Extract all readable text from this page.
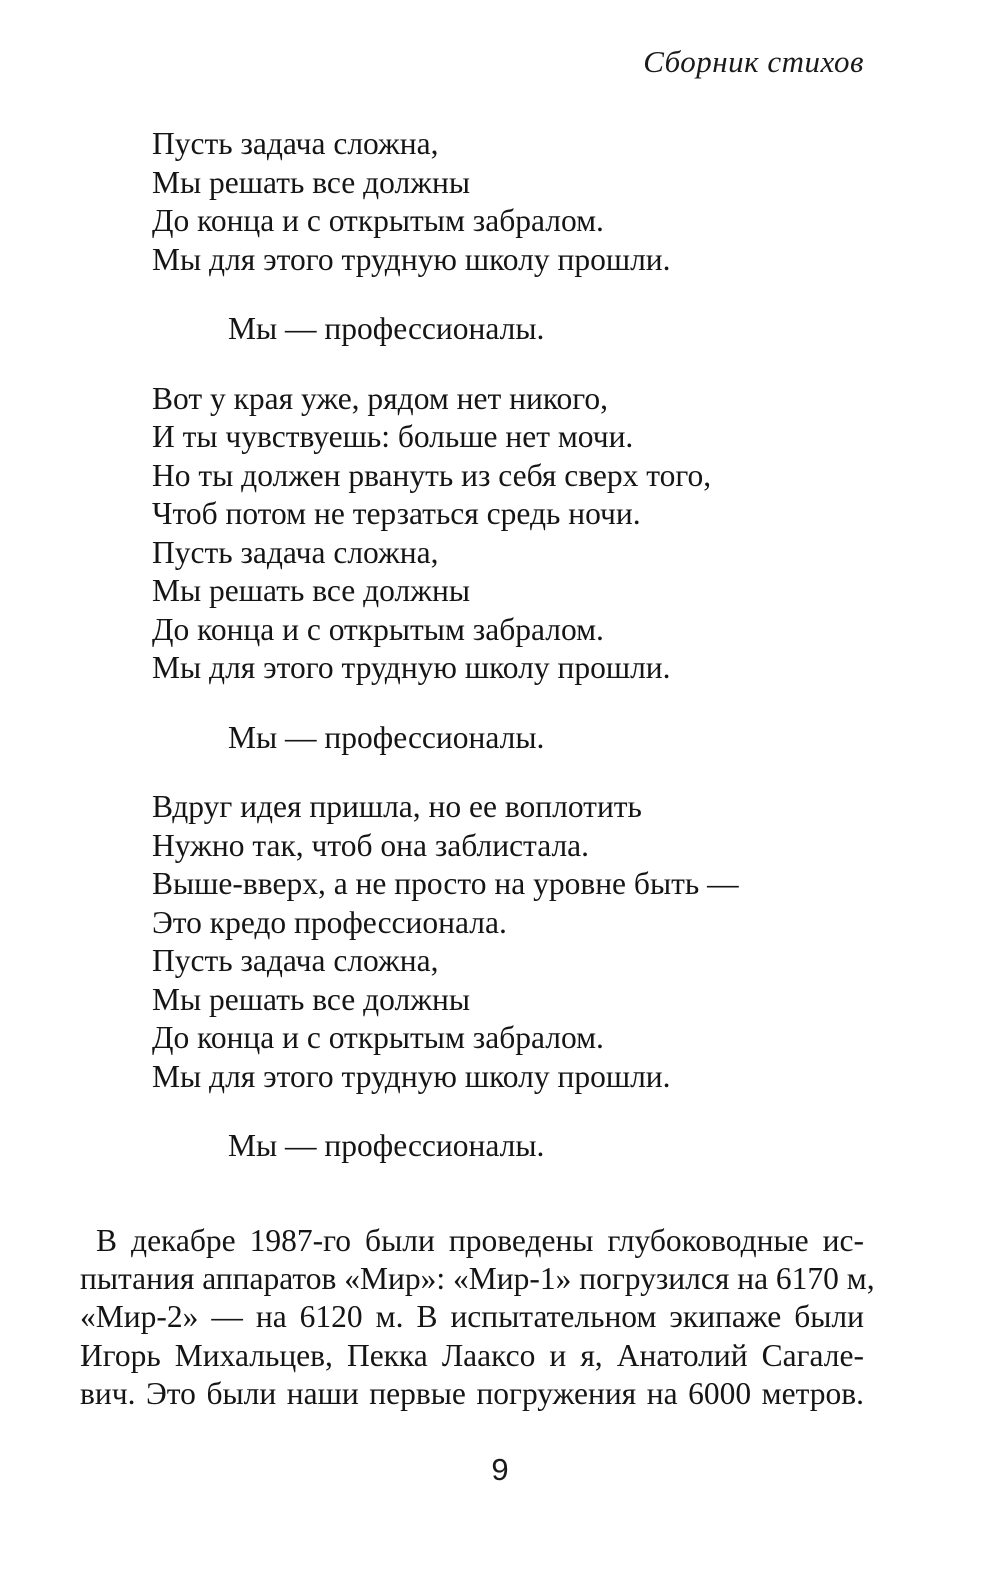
Сборник стихов
Пусть задача сложна,
Мы решать все должны
До конца и с открытым забралом.
Мы для этого трудную школу прошли.
Мы — профессионалы.
Вот у края уже, рядом нет никого,
И ты чувствуешь: больше нет мочи.
Но ты должен рвануть из себя сверх того,
Чтоб потом не терзаться средь ночи.
Пусть задача сложна,
Мы решать все должны
До конца и с открытым забралом.
Мы для этого трудную школу прошли.
Мы — профессионалы.
Вдруг идея пришла, но ее воплотить
Нужно так, чтоб она заблистала.
Выше-вверх, а не просто на уровне быть —
Это кредо профессионала.
Пусть задача сложна,
Мы решать все должны
До конца и с открытым забралом.
Мы для этого трудную школу прошли.
Мы — профессионалы.
В декабре 1987-го были проведены глубоководные ис-
пытания аппаратов «Мир»: «Мир-1» погрузился на 6170 м,
«Мир-2» — на 6120 м. В испытательном экипаже были
Игорь Михальцев, Пекка Лааксо и я, Анатолий Сагале-
вич. Это были наши первые погружения на 6000 метров.
9
